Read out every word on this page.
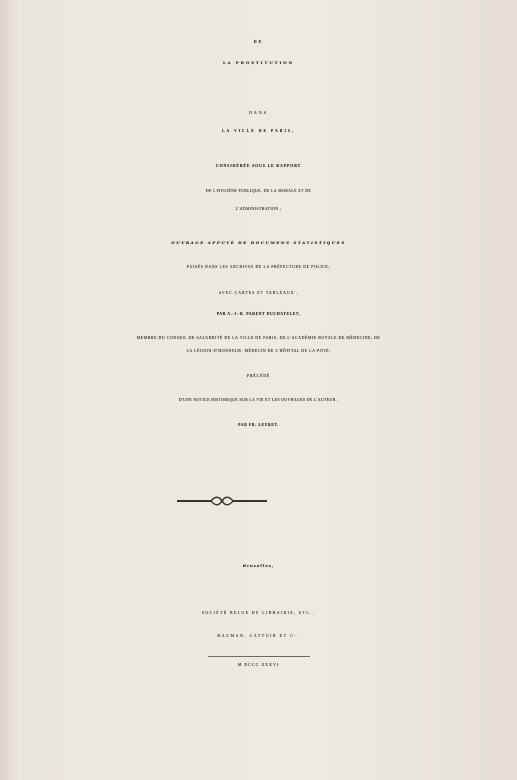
DE
LA PROSTITUTION
DANS
LA VILLE DE PARIS,
CONSIDÉRÉE SOUS LE RAPPORT
DE L'HYGIÈNE PUBLIQUE, DE LA MORALE ET DE
L'ADMINISTRATION ;
OUVRAGE APPUYÉ DE DOCUMENS STATISTIQUES
PUISÉS DANS LES ARCHIVES DE LA PRÉFECTURE DE POLICE;
AVEC CARTES ET TABLEAUX ,
PAR A.-J.-B. PARENT DUCHATELET,
MEMBRE DU CONSEIL DE SALUBRITÉ DE LA VILLE DE PARIS, DE L'ACADÉMIE ROYALE DE MÉDECINE, DE
LA LÉGION-D'HONNEUR, MÉDECIN DE L'HÔPITAL DE LA PITIÉ.
PRÉCÉDÉ
D'UNE NOTICE HISTORIQUE SUR LA VIE ET LES OUVRAGES DE L'AUTEUR ,
PAR FR. LEURET.
Bruxelles,
SOCIÉTÉ BELGE DE LIBRAIRIE, ETC.,
HAUMAN, CATTOIR ET Cᵉ.
M DCCC XXXVI
